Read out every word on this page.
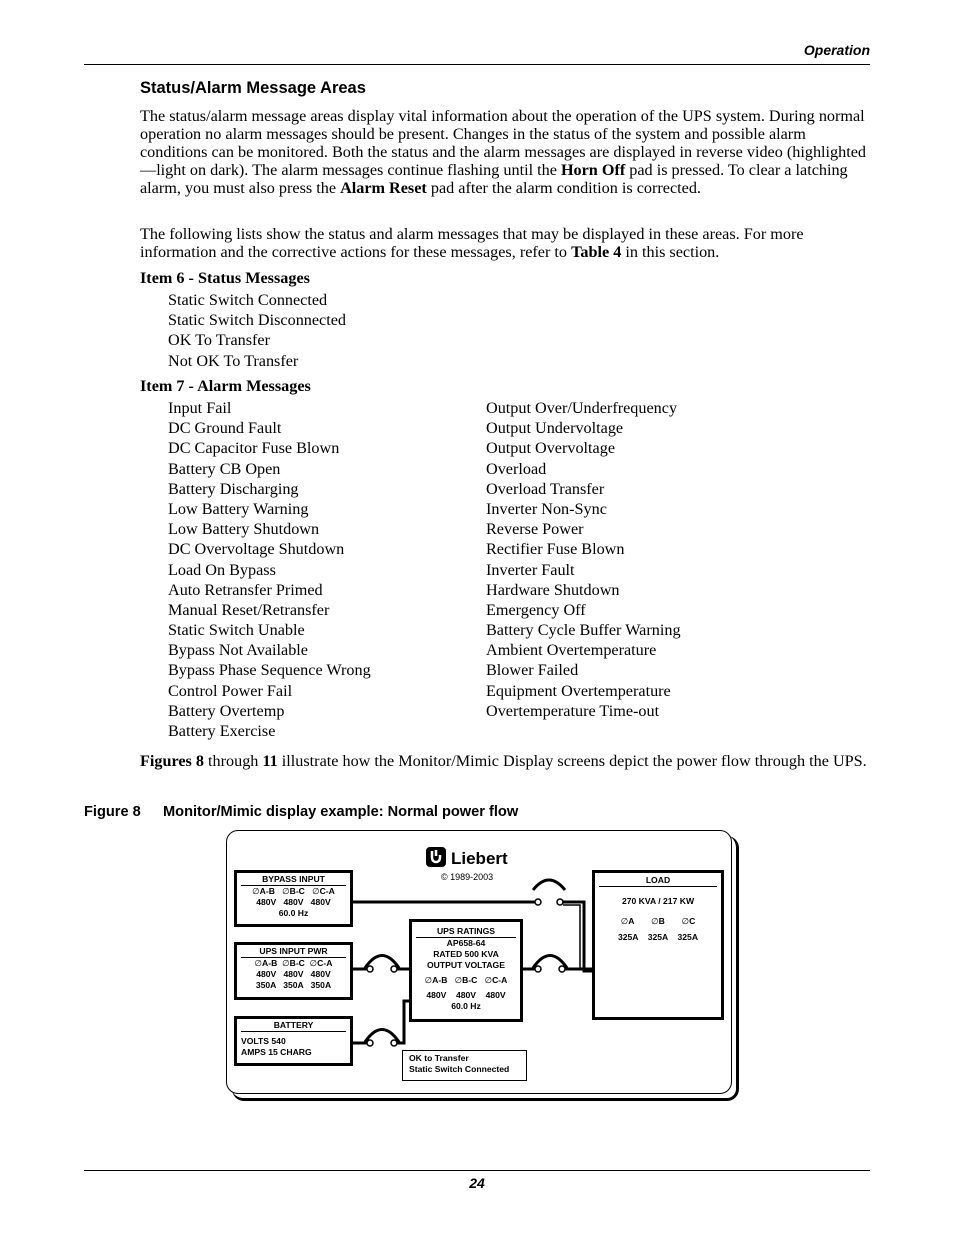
Operation
Status/Alarm Message Areas

The status/alarm message areas display vital information about the operation of the UPS system. During normal operation no alarm messages should be present. Changes in the status of the system and possible alarm conditions can be monitored. Both the status and the alarm messages are displayed in reverse video (highlighted—light on dark). The alarm messages continue flashing until the Horn Off pad is pressed. To clear a latching alarm, you must also press the Alarm Reset pad after the alarm condition is corrected.

The following lists show the status and alarm messages that may be displayed in these areas. For more information and the corrective actions for these messages, refer to Table 4 in this section.

Item 6 - Status Messages
Static Switch Connected
Static Switch Disconnected
OK To Transfer
Not OK To Transfer
Item 7 - Alarm Messages
Input Fail
DC Ground Fault
DC Capacitor Fuse Blown
Battery CB Open
Battery Discharging
Low Battery Warning
Low Battery Shutdown
DC Overvoltage Shutdown
Load On Bypass
Auto Retransfer Primed
Manual Reset/Retransfer
Static Switch Unable
Bypass Not Available
Bypass Phase Sequence Wrong
Control Power Fail
Battery Overtemp
Battery Exercise
Output Over/Underfrequency
Output Undervoltage
Output Overvoltage
Overload
Overload Transfer
Inverter Non-Sync
Reverse Power
Rectifier Fuse Blown
Inverter Fault
Hardware Shutdown
Emergency Off
Battery Cycle Buffer Warning
Ambient Overtemperature
Blower Failed
Equipment Overtemperature
Overtemperature Time-out

Figures 8 through 11 illustrate how the Monitor/Mimic Display screens depict the power flow through the UPS.

Figure 8 Monitor/Mimic display example: Normal power flow
Liebert
© 1989-2003
BYPASS INPUT
∅A-B ∅B-C ∅C-A
480V   480V   480V
60.0 Hz
UPS INPUT PWR
∅A-B ∅B-C ∅C-A
480V   480V   480V
350A   350A   350A
BATTERY
VOLTS 540
AMPS 15 CHARG
UPS RATINGS
AP658-64
RATED 500 KVA
OUTPUT VOLTAGE
∅A-B ∅B-C ∅C-A
480V    480V    480V
60.0 Hz
LOAD
270 KVA / 217 KW
∅A ∅B ∅C
325A    325A    325A
OK to Transfer
Static Switch Connected
24
